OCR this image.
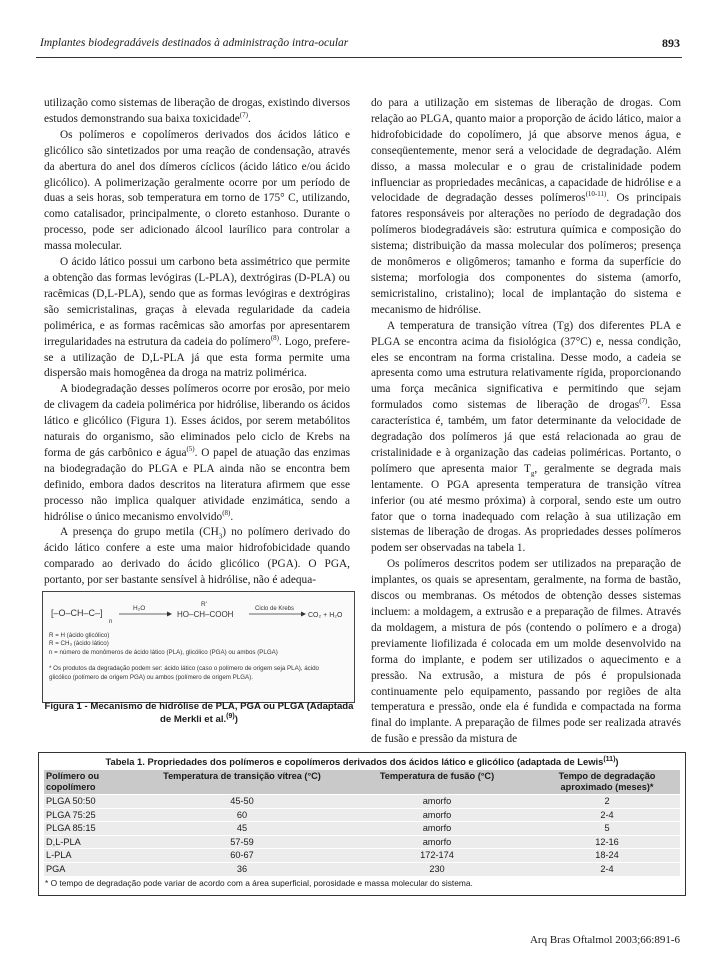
Implantes biodegradáveis destinados à administração intra-ocular	893

utilização como sistemas de liberação de drogas, existindo diversos estudos demonstrando sua baixa toxicidade$^{(7)}$.

Os polímeros e copolímeros derivados dos ácidos lático e glicólico são sintetizados por uma reação de condensação, através da abertura do anel dos dímeros cíclicos (ácido lático e/ou ácido glicólico). A polimerização geralmente ocorre por um período de duas a seis horas, sob temperatura em torno de 175° C, utilizando, como catalisador, principalmente, o cloreto estanhoso. Durante o processo, pode ser adicionado álcool laurílico para controlar a massa molecular.

O ácido lático possui um carbono beta assimétrico que permite a obtenção das formas levógiras (L-PLA), dextrógiras (D-PLA) ou racêmicas (D,L-PLA), sendo que as formas levógiras e dextrógiras são semicristalinas, graças à elevada regularidade da cadeia polimérica, e as formas racêmicas são amorfas por apresentarem irregularidades na estrutura da cadeia do polímero$^{(8)}$. Logo, prefere-se a utilização de D,L-PLA já que esta forma permite uma dispersão mais homogênea da droga na matriz polimérica.

A biodegradação desses polímeros ocorre por erosão, por meio de clivagem da cadeia polimérica por hidrólise, liberando os ácidos lático e glicólico (Figura 1). Esses ácidos, por serem metabólitos naturais do organismo, são eliminados pelo ciclo de Krebs na forma de gás carbônico e água$^{(5)}$. O papel de atuação das enzimas na biodegradação do PLGA e PLA ainda não se encontra bem definido, embora dados descritos na literatura afirmem que esse processo não implica qualquer atividade enzimática, sendo a hidrólise o único mecanismo envolvido$^{(8)}$.

A presença do grupo metila $(CH_3)$ no polímero derivado do ácido lático confere a este uma maior hidrofobicidade quando comparado ao derivado do ácido glicólico (PGA). O PGA, portanto, por ser bastante sensível à hidrólise, não é adequa-

[–O–CH–C–]
n
H₂O
R'
HO–CH–COOH
Ciclo de Krebs
CO₂ + H₂O
R = H (ácido glicólico)
R = CH₃ (ácido lático)
n = número de monômeros de ácido lático (PLA), glicólico (PGA) ou ambos (PLGA)
* Os produtos da degradação podem ser: ácido lático (caso o polímero de origem seja PLA), ácido
glicólico (polímero de origem PGA) ou ambos (polímero de origem PLGA).
Figura 1 - Mecanismo de hidrólise de PLA, PGA ou PLGA (Adaptada de Merkli et al.$^{(9)}$)

do para a utilização em sistemas de liberação de drogas. Com relação ao PLGA, quanto maior a proporção de ácido lático, maior a hidrofobicidade do copolímero, já que absorve menos água, e conseqüentemente, menor será a velocidade de degradação. Além disso, a massa molecular e o grau de cristalinidade podem influenciar as propriedades mecânicas, a capacidade de hidrólise e a velocidade de degradação desses polímeros$^{(10-11)}$. Os principais fatores responsáveis por alterações no período de degradação dos polímeros biodegradáveis são: estrutura química e composição do sistema; distribuição da massa molecular dos polímeros; presença de monômeros e oligômeros; tamanho e forma da superfície do sistema; morfologia dos componentes do sistema (amorfo, semicristalino, cristalino); local de implantação do sistema e mecanismo de hidrólise.

A temperatura de transição vítrea (Tg) dos diferentes PLA e PLGA se encontra acima da fisiológica (37°C) e, nessa condição, eles se encontram na forma cristalina. Desse modo, a cadeia se apresenta como uma estrutura relativamente rígida, proporcionando uma força mecânica significativa e permitindo que sejam formulados como sistemas de liberação de drogas$^{(7)}$. Essa característica é, também, um fator determinante da velocidade de degradação dos polímeros já que está relacionada ao grau de cristalinidade e à organização das cadeias poliméricas. Portanto, o polímero que apresenta maior $T_g$, geralmente se degrada mais lentamente. O PGA apresenta temperatura de transição vítrea inferior (ou até mesmo próxima) à corporal, sendo este um outro fator que o torna inadequado com relação à sua utilização em sistemas de liberação de drogas. As propriedades desses polímeros podem ser observadas na tabela 1.

Os polímeros descritos podem ser utilizados na preparação de implantes, os quais se apresentam, geralmente, na forma de bastão, discos ou membranas. Os métodos de obtenção desses sistemas incluem: a moldagem, a extrusão e a preparação de filmes. Através da moldagem, a mistura de pós (contendo o polímero e a droga) previamente liofilizada é colocada em um molde desenvolvido na forma do implante, e podem ser utilizados o aquecimento e a pressão. Na extrusão, a mistura de pós é propulsionada continuamente pelo equipamento, passando por regiões de alta temperatura e pressão, onde ela é fundida e compactada na forma final do implante. A preparação de filmes pode ser realizada através de fusão e pressão da mistura de

Tabela 1. Propriedades dos polímeros e copolímeros derivados dos ácidos lático e glicólico (adaptada de Lewis$^{(11)}$)
Polímero ou copolímero	Temperatura de transição vítrea (°C)	Temperatura de fusão (°C)	Tempo de degradação aproximado (meses)*
PLGA 50:50	45-50	amorfo	2
PLGA 75:25	60	amorfo	2-4
PLGA 85:15	45	amorfo	5
D,L-PLA	57-59	amorfo	12-16
L-PLA	60-67	172-174	18-24
PGA	36	230	2-4
* O tempo de degradação pode variar de acordo com a área superficial, porosidade e massa molecular do sistema.
Arq Bras Oftalmol 2003;66:891-6
